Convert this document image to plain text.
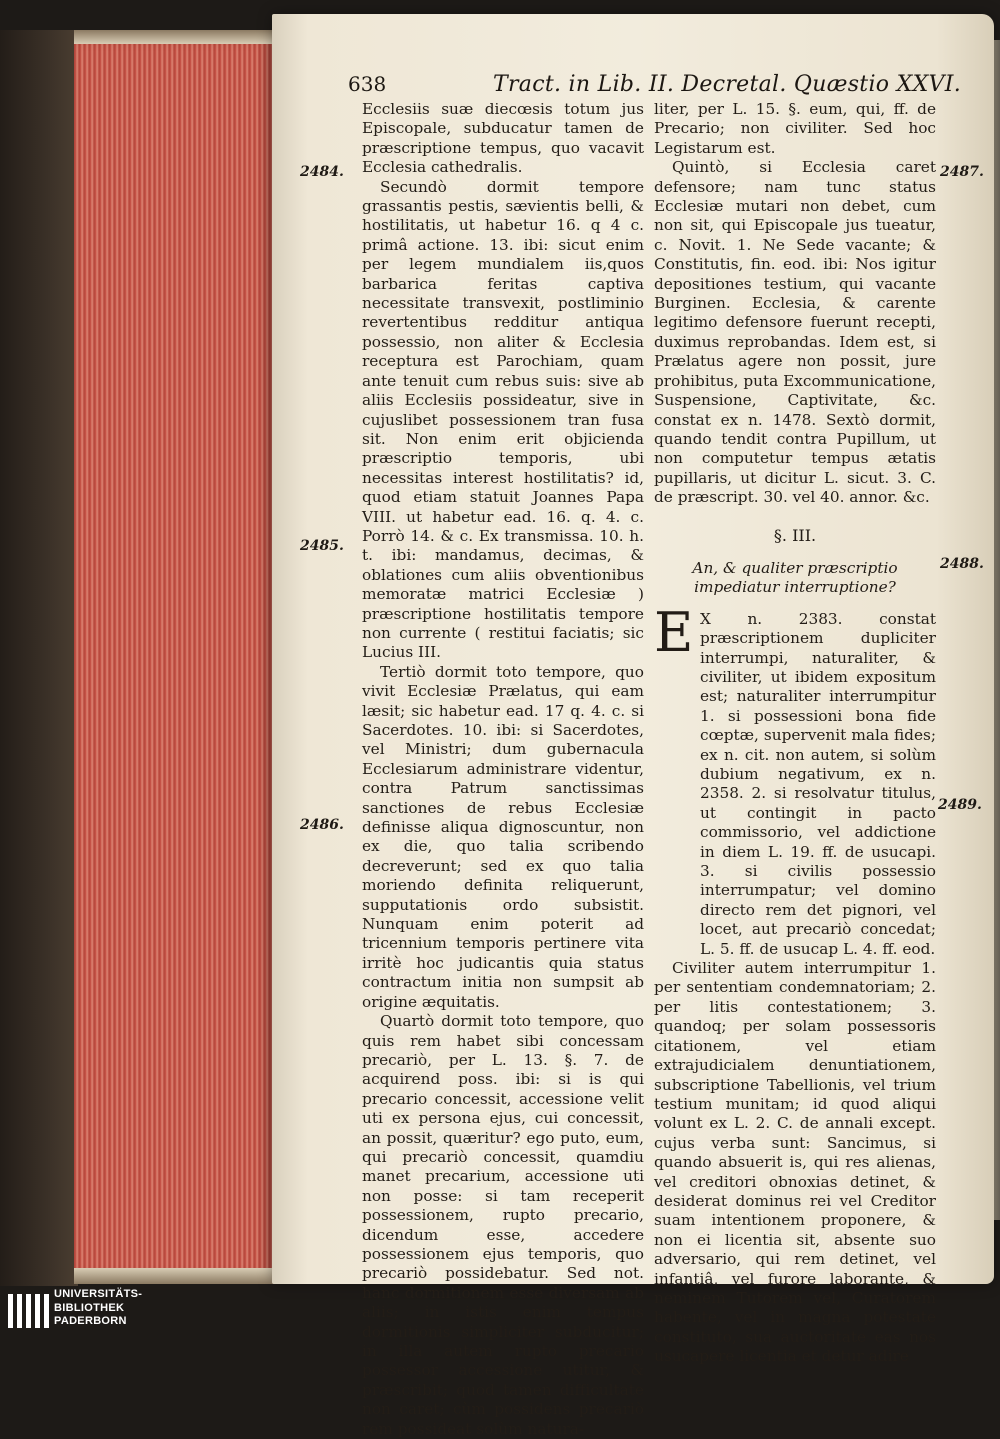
638	Tract. in Lib. II. Decretal. Quæstio XXVI.
2484.
2485.
2486.
2487.
2488.
2489.

Ecclesiis suæ diecœsis totum jus Episcopale, subducatur tamen de præscriptione tempus, quo vacavit Ecclesia cathedralis.

Secundò dormit tempore grassantis pestis, sævientis belli, & hostilitatis, ut habetur 16. q 4 c. primâ actione. 13. ibi: sicut enim per legem mundialem iis,quos barbarica feritas captiva necessitate transvexit, postliminio revertentibus redditur antiqua possessio, non aliter & Ecclesia receptura est Parochiam, quam ante tenuit cum rebus suis: sive ab aliis Ecclesiis possideatur, sive in cujuslibet possessionem tran fusa sit. Non enim erit objicienda præscriptio temporis, ubi necessitas interest hostilitatis? id, quod etiam statuit Joannes Papa VIII. ut habetur ead. 16. q. 4. c. Porrò 14. & c. Ex transmissa. 10. h. t. ibi: mandamus, decimas, & oblationes cum aliis obventionibus memoratæ matrici Ecclesiæ ) præscriptione hostilitatis tempore non currente ( restitui faciatis; sic Lucius III.

Tertiò dormit toto tempore, quo vivit Ecclesiæ Prælatus, qui eam læsit; sic habetur ead. 17 q. 4. c. si Sacerdotes. 10. ibi: si Sacerdotes, vel Ministri; dum gubernacula Ecclesiarum administrare videntur, contra Patrum sanctissimas sanctiones de rebus Ecclesiæ definisse aliqua dignoscuntur, non ex die, quo talia scribendo decreverunt; sed ex quo talia moriendo definita reliquerunt, supputationis ordo subsistit. Nunquam enim poterit ad tricennium temporis pertinere vita irritè hoc judicantis quia status contractum initia non sumpsit ab origine æquitatis.

Quartò dormit toto tempore, quo quis rem habet sibi concessam precariò, per L. 13. §. 7. de acquirend poss. ibi: si is qui precario concessit, accessione velit uti ex persona ejus, cui concessit, an possit, quæritur? ego puto, eum, qui precariò concessit, quamdiu manet precarium, accessione uti non posse: si tam receperit possessionem, rupto precario, dicendum esse, accedere possessionem ejus temporis, quo precariò possidebatur. Sed not. hanc dormitionem esse diversam ab aliis; in istis enim tempus dormitionis simpliciter subducitur; in illa autem rupto precario possessor accessione utitur, & præscribit; quod tamen difficultate non caret; cùm possidens precariò rem possideat solùm natura-

liter, per L. 15. §. eum, qui, ff. de Precario; non civiliter. Sed hoc Legistarum est.

Quintò, si Ecclesia caret defensore; nam tunc status Ecclesiæ mutari non debet, cum non sit, qui Episcopale jus tueatur, c. Novit. 1. Ne Sede vacante; & Constitutis, fin. eod. ibi: Nos igitur depositiones testium, qui vacante Burginen. Ecclesia, & carente legitimo defensore fuerunt recepti, duximus reprobandas. Idem est, si Prælatus agere non possit, jure prohibitus, puta Excommunicatione, Suspensione, Captivitate, &c. constat ex n. 1478. Sextò dormit, quando tendit contra Pupillum, ut non computetur tempus ætatis pupillaris, ut dicitur L. sicut. 3. C. de præscript. 30. vel 40. annor. &c.

§. III.

An, & qualiter præscriptio impediatur interruptione?

E X n. 2383. constat præscriptionem dupliciter interrumpi, naturaliter, & civiliter, ut ibidem expositum est; naturaliter interrumpitur 1. si possessioni bona fide cœptæ, supervenit mala fides; ex n. cit. non autem, si solùm dubium negativum, ex n. 2358. 2. si resolvatur titulus, ut contingit in pacto commissorio, vel addictione in diem L. 19. ff. de usucapi. 3. si civilis possessio interrumpatur; vel domino directo rem det pignori, vel locet, aut precariò concedat; L. 5. ff. de usucap L. 4. ff. eod.

Civiliter autem interrumpitur 1. per sententiam condemnatoriam; 2. per litis contestationem; 3. quandoq; per solam possessoris citationem, vel etiam extrajudicialem denuntiationem, subscriptione Tabellionis, vel trium testium munitam; id quod aliqui volunt ex L. 2. C. de annali except. cujus verba sunt: Sancimus, si quando absuerit is, qui res alienas, vel creditori obnoxias detinet, & desiderat dominus rei vel Creditor suam intentionem proponere, & non ei licentia sit, absente suo adversario, qui rem detinet, vel infantiâ, vel furore laborante, & neminem Tutorem vel, Curatorem habente, vel in magna potestate constituto, sua auctoritate eas nos usucapere licentia et detur adire

UNIVERSITÄTS-
BIBLIOTHEK
PADERBORN
